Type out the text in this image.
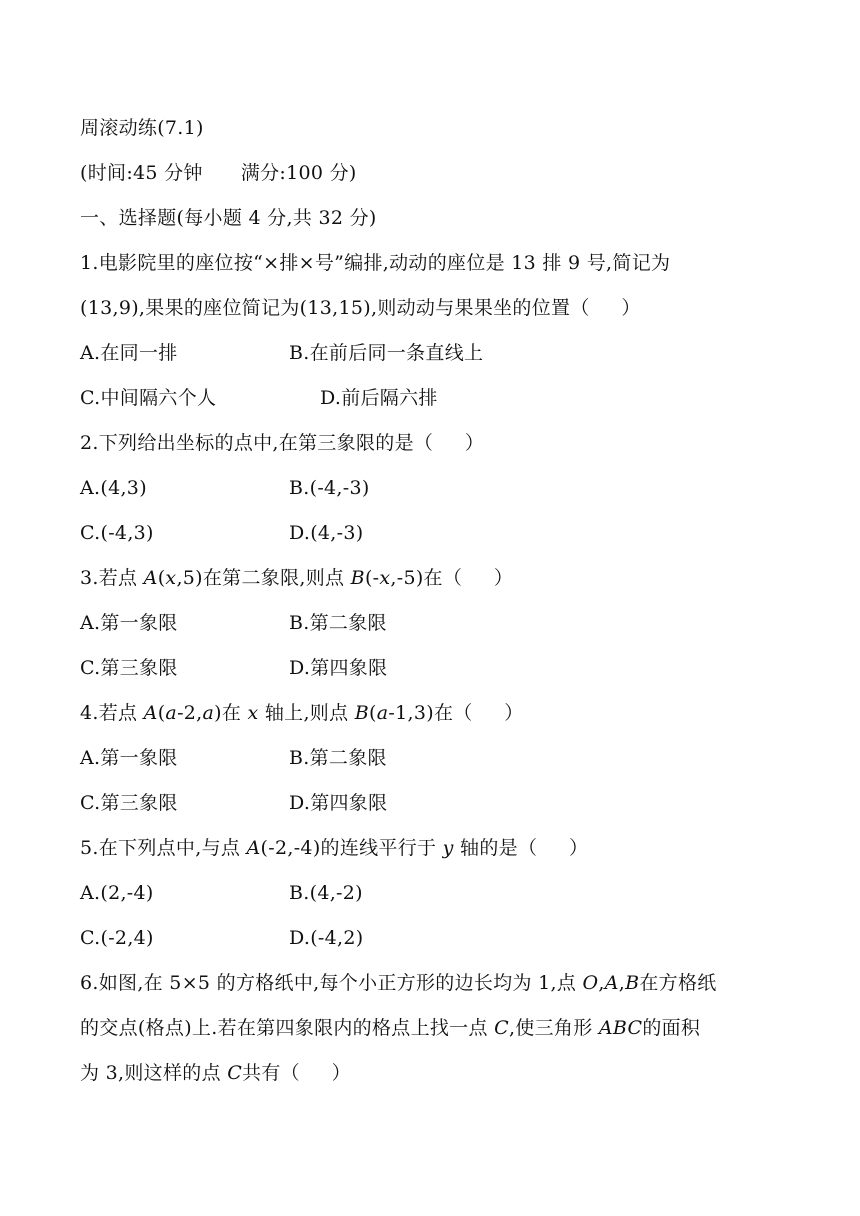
周滚动练(7.1)
(时间:45 分钟      满分:100 分)
一、选择题(每小题 4 分,共 32 分)
1.电影院里的座位按“×排×号”编排,动动的座位是 13 排 9 号,简记为
(13,9),果果的座位简记为(13,15),则动动与果果坐的位置（     ）
A.在同一排	B.在前后同一条直线上
C.中间隔六个人	D.前后隔六排
2.下列给出坐标的点中,在第三象限的是（     ）
A.(4,3)	B.(-4,-3)
C.(-4,3)	D.(4,-3)
3.若点 A(x,5)在第二象限,则点 B(-x,-5)在（     ）
A.第一象限	B.第二象限
C.第三象限	D.第四象限
4.若点 A(a-2,a)在 x 轴上,则点 B(a-1,3)在（     ）
A.第一象限	B.第二象限
C.第三象限	D.第四象限
5.在下列点中,与点 A(-2,-4)的连线平行于 y 轴的是（     ）
A.(2,-4)	B.(4,-2)
C.(-2,4)	D.(-4,2)
6.如图,在 5×5 的方格纸中,每个小正方形的边长均为 1,点 O,A,B在方格纸
的交点(格点)上.若在第四象限内的格点上找一点 C,使三角形 ABC的面积
为 3,则这样的点 C共有（     ）
